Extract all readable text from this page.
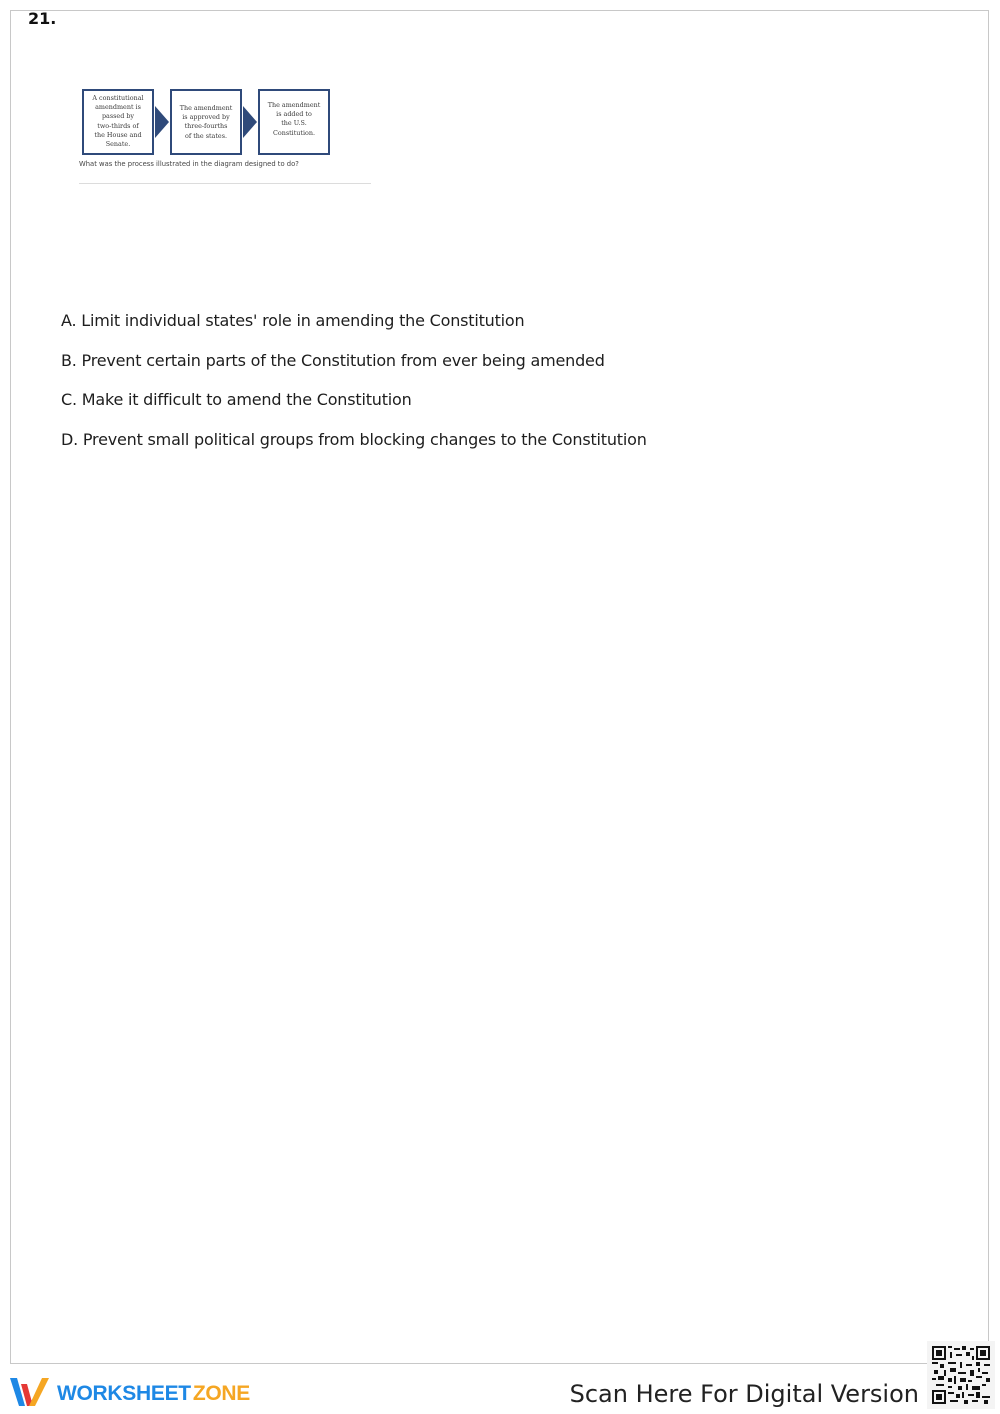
21.
A constitutional
amendment is
passed by
two-thirds of
the House and
Senate.
The amendment
is approved by
three-fourths
of the states.
The amendment
is added to
the U.S.
Constitution.
What was the process illustrated in the diagram designed to do?
A. Limit individual states' role in amending the Constitution
B. Prevent certain parts of the Constitution from ever being amended
C. Make it difficult to amend the Constitution
D. Prevent small political groups from blocking changes to the Constitution
WORKSHEETZONE	Scan Here For Digital Version
